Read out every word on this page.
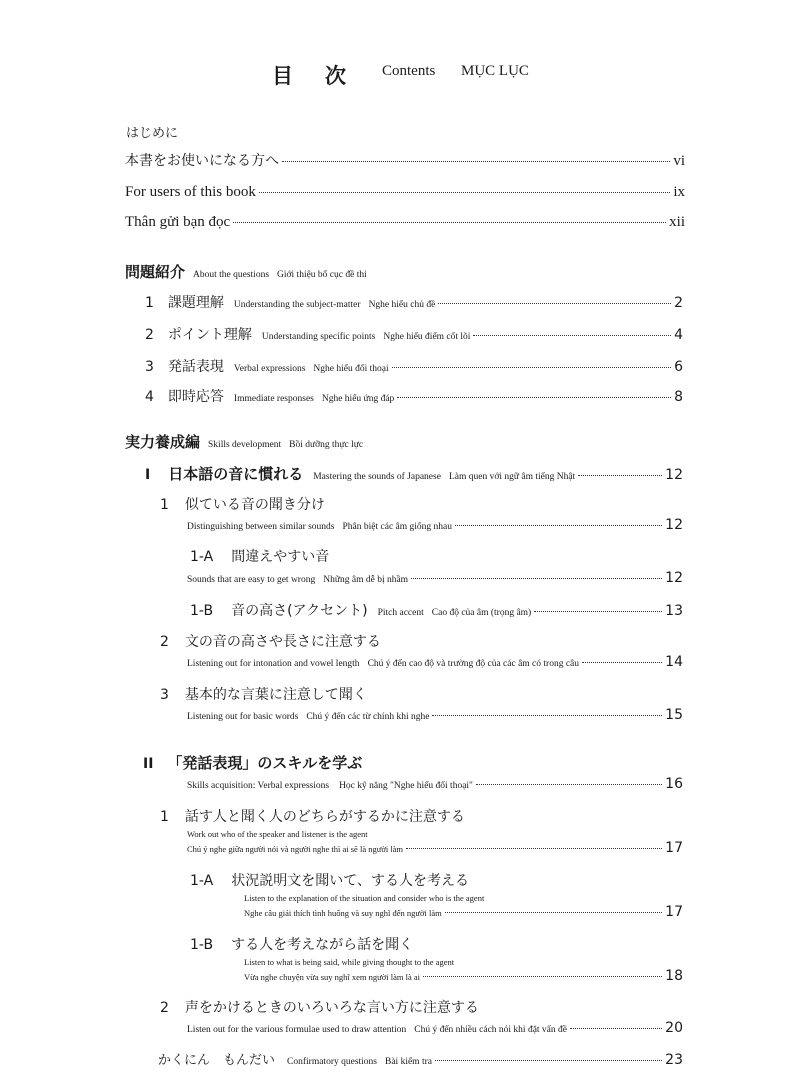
目次 Contents MỤC LỤC
はじめに
本書をお使いになる方へ	vi
For users of this book	ix
Thân gửi bạn đọc	xii
問題紹介 About the questions Giới thiệu bố cục đề thi
1 課題理解 Understanding the subject-matter Nghe hiểu chủ đề	2
2 ポイント理解 Understanding specific points Nghe hiểu điểm cốt lõi	4
3 発話表現 Verbal expressions Nghe hiểu đối thoại	6
4 即時応答 Immediate responses Nghe hiểu ứng đáp	8
実力養成編 Skills development Bồi dưỡng thực lực
I 日本語の音に慣れる Mastering the sounds of Japanese Làm quen với ngữ âm tiếng Nhật	12
1 似ている音の聞き分け
Distinguishing between similar sounds Phân biệt các âm giống nhau	12
1-A 間違えやすい音
Sounds that are easy to get wrong Những âm dễ bị nhầm	12
1-B 音の高さ(アクセント) Pitch accent Cao độ của âm (trọng âm)	13
2 文の音の高さや長さに注意する
Listening out for intonation and vowel length Chú ý đến cao độ và trường độ của các âm có trong câu	14
3 基本的な言葉に注意して聞く
Listening out for basic words Chú ý đến các từ chính khi nghe	15
II 「発話表現」のスキルを学ぶ
Skills acquisition: Verbal expressions Học kỹ năng "Nghe hiểu đối thoại"	16
1 話す人と聞く人のどちらがするかに注意する
Work out who of the speaker and listener is the agent
Chú ý nghe giữa người nói và người nghe thì ai sẽ là người làm	17
1-A 状況説明文を聞いて、する人を考える
Listen to the explanation of the situation and consider who is the agent
Nghe câu giải thích tình huống và suy nghĩ đến người làm	17
1-B する人を考えながら話を聞く
Listen to what is being said, while giving thought to the agent
Vừa nghe chuyện vừa suy nghĩ xem người làm là ai	18
2 声をかけるときのいろいろな言い方に注意する
Listen out for the various formulae used to draw attention Chú ý đến nhiều cách nói khi đặt vấn đề	20
かくにん　もんだい Confirmatory questions Bài kiểm tra	23
